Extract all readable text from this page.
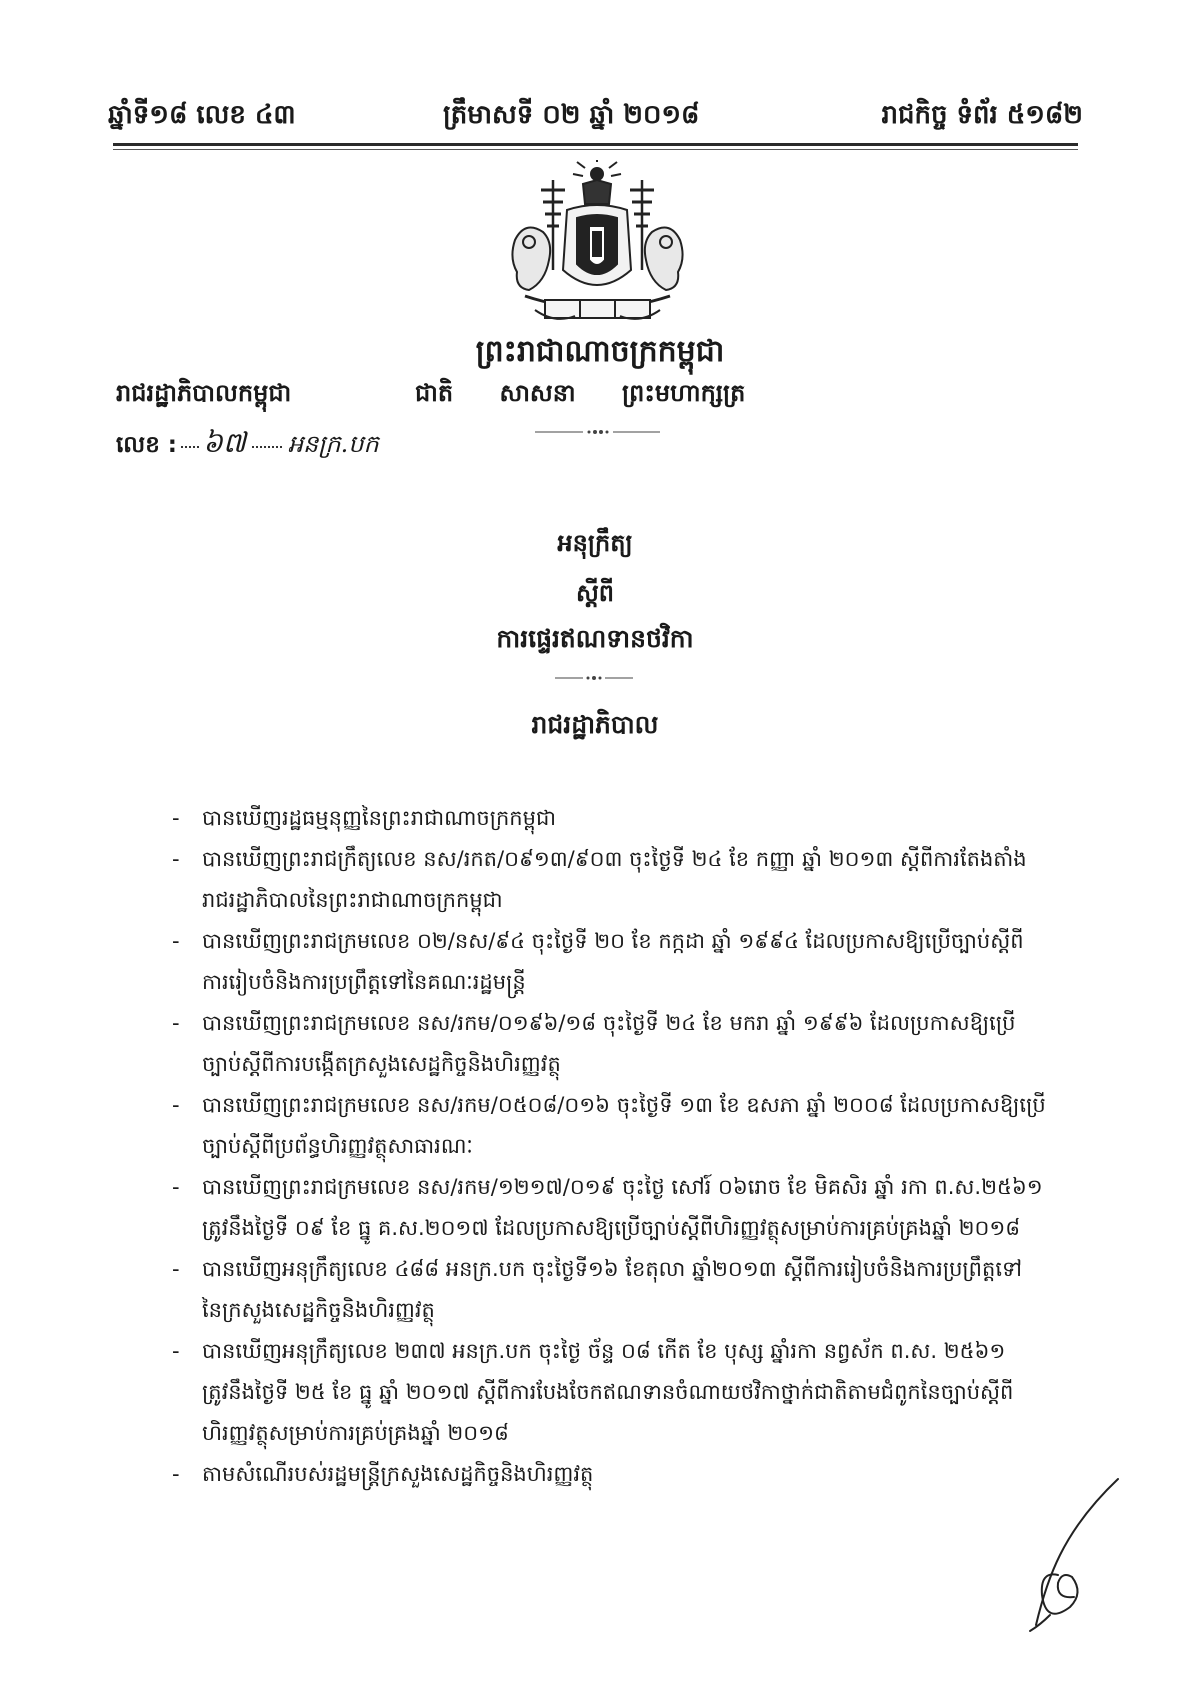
ឆ្នាំទី១៨ លេខ ៤៣	ត្រឹមាសទី ០២ ឆ្នាំ ២០១៨	រាជកិច្ច ទំព័រ ៥១៨២
ព្រះរាជាណាចក្រកម្ពុជា
រាជរដ្ឋាភិបាលកម្ពុជា	ជាតិ សាសនា ព្រះមហាក្សត្រ
លេខ : ៦៧ អនក្រ.បក
អនុក្រឹត្យ
ស្ដីពី
ការផ្ទេរឥណទានថវិកា
រាជរដ្ឋាភិបាល
- បានឃើញរដ្ឋធម្មនុញ្ញនៃព្រះរាជាណាចក្រកម្ពុជា
- បានឃើញព្រះរាជក្រឹត្យលេខ នស/រកត/០៩១៣/៩០៣ ចុះថ្ងៃទី ២៤ ខែ កញ្ញា ឆ្នាំ ២០១៣ ស្ដីពីការតែងតាំង
រាជរដ្ឋាភិបាលនៃព្រះរាជាណាចក្រកម្ពុជា
- បានឃើញព្រះរាជក្រមលេខ ០២/នស/៩៤ ចុះថ្ងៃទី ២០ ខែ កក្កដា ឆ្នាំ ១៩៩៤ ដែលប្រកាសឱ្យប្រើច្បាប់ស្ដីពី
ការរៀបចំនិងការប្រព្រឹត្តទៅនៃគណៈរដ្ឋមន្ត្រី
- បានឃើញព្រះរាជក្រមលេខ នស/រកម/០១៩៦/១៨ ចុះថ្ងៃទី ២៤ ខែ មករា ឆ្នាំ ១៩៩៦ ដែលប្រកាសឱ្យប្រើ
ច្បាប់ស្ដីពីការបង្កើតក្រសួងសេដ្ឋកិច្ចនិងហិរញ្ញវត្ថុ
- បានឃើញព្រះរាជក្រមលេខ នស/រកម/០៥០៨/០១៦ ចុះថ្ងៃទី ១៣ ខែ ឧសភា ឆ្នាំ ២០០៨ ដែលប្រកាសឱ្យប្រើ
ច្បាប់ស្ដីពីប្រព័ន្ធហិរញ្ញវត្ថុសាធារណៈ
- បានឃើញព្រះរាជក្រមលេខ នស/រកម/១២១៧/០១៩ ចុះថ្ងៃ សៅរ៍ ០៦រោច ខែ មិគសិរ ឆ្នាំ រកា ព.ស.២៥៦១
ត្រូវនឹងថ្ងៃទី ០៩ ខែ ធ្នូ គ.ស.២០១៧ ដែលប្រកាសឱ្យប្រើច្បាប់ស្ដីពីហិរញ្ញវត្ថុសម្រាប់ការគ្រប់គ្រងឆ្នាំ ២០១៨
- បានឃើញអនុក្រឹត្យលេខ ៤៨៨ អនក្រ.បក ចុះថ្ងៃទី១៦ ខែតុលា ឆ្នាំ២០១៣ ស្ដីពីការរៀបចំនិងការប្រព្រឹត្តទៅ
នៃក្រសួងសេដ្ឋកិច្ចនិងហិរញ្ញវត្ថុ
- បានឃើញអនុក្រឹត្យលេខ ២៣៧ អនក្រ.បក ចុះថ្ងៃ ច័ន្ទ ០៨ កើត ខែ បុស្ស ឆ្នាំរកា នព្វស័ក ព.ស. ២៥៦១
ត្រូវនឹងថ្ងៃទី ២៥ ខែ ធ្នូ ឆ្នាំ ២០១៧ ស្ដីពីការបែងចែកឥណទានចំណាយថវិកាថ្នាក់ជាតិតាមជំពូកនៃច្បាប់ស្ដីពី
ហិរញ្ញវត្ថុសម្រាប់ការគ្រប់គ្រងឆ្នាំ ២០១៨
- តាមសំណើរបស់រដ្ឋមន្ត្រីក្រសួងសេដ្ឋកិច្ចនិងហិរញ្ញវត្ថុ
